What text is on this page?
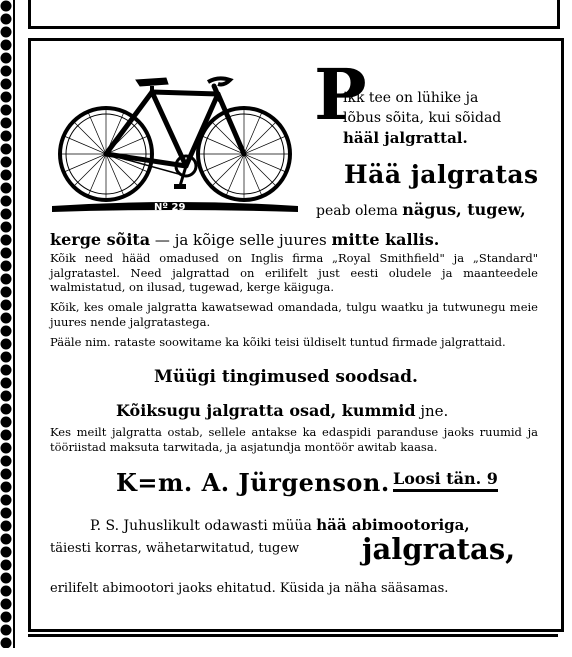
Nº 29
P
ikk tee on lühike ja
lõbus sõita, kui sõidad
hääl jalgrattal.
Hää jalgratas
peab olema nägus, tugew,
kerge sõita — ja kõige selle juures mitte kallis.
Kõik need hääd omadused on Inglis firma „Royal Smithfield" ja „Standard" jalgratastel. Need jalgrattad on erilifelt just eesti oludele ja maanteedele walmistatud, on ilusad, tugewad, kerge käiguga.
Kõik, kes omale jalgratta kawatsewad omandada, tulgu waatku ja tutwunegu meie juures nende jalgratastega.
Pääle nim. rataste soowitame ka kõiki teisi üldiselt tuntud firmade jalgrattaid.
Müügi tingimused soodsad.
Kõiksugu jalgratta osad, kummid jne.
Kes meilt jalgratta ostab, sellele antakse ka edaspidi paranduse jaoks ruumid ja tööriistad maksuta tarwitada, ja asjatundja montöör awitab kaasa.
K=m. A. Jürgenson. Loosi tän. 9
P. S. Juhuslikult odawasti müüa hää abimootoriga,
täiesti korras, wähetarwitatud, tugew jalgratas,
erilifelt abimootori jaoks ehitatud. Küsida ja näha sääsamas.
